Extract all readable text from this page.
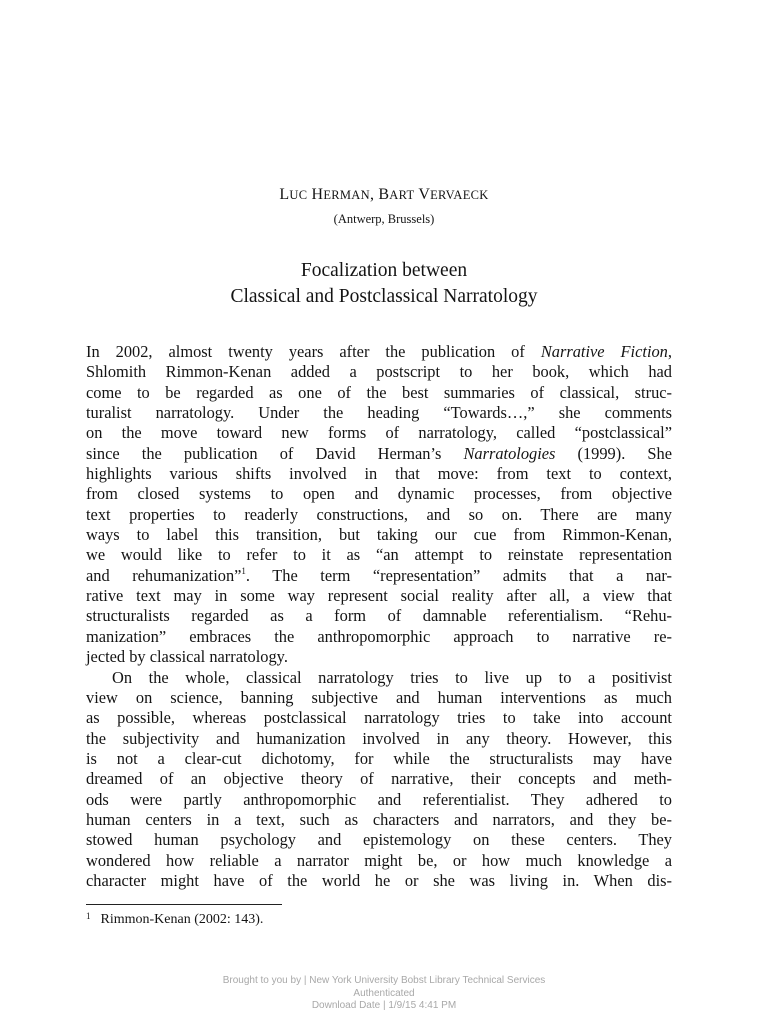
LUC HERMAN, BART VERVAECK
(Antwerp, Brussels)
Focalization between
Classical and Postclassical Narratology
In 2002, almost twenty years after the publication of Narrative Fiction,
Shlomith Rimmon-Kenan added a postscript to her book, which had
come to be regarded as one of the best summaries of classical, struc-
turalist narratology. Under the heading “Towards…,” she comments
on the move toward new forms of narratology, called “postclassical”
since the publication of David Herman’s Narratologies (1999). She
highlights various shifts involved in that move: from text to context,
from closed systems to open and dynamic processes, from objective
text properties to readerly constructions, and so on. There are many
ways to label this transition, but taking our cue from Rimmon-Kenan,
we would like to refer to it as “an attempt to reinstate representation
and rehumanization”$^1$. The term “representation” admits that a nar-
rative text may in some way represent social reality after all, a view that
structuralists regarded as a form of damnable referentialism. “Rehu-
manization” embraces the anthropomorphic approach to narrative re-
jected by classical narratology.
On the whole, classical narratology tries to live up to a positivist
view on science, banning subjective and human interventions as much
as possible, whereas postclassical narratology tries to take into account
the subjectivity and humanization involved in any theory. However, this
is not a clear-cut dichotomy, for while the structuralists may have
dreamed of an objective theory of narrative, their concepts and meth-
ods were partly anthropomorphic and referentialist. They adhered to
human centers in a text, such as characters and narrators, and they be-
stowed human psychology and epistemology on these centers. They
wondered how reliable a narrator might be, or how much knowledge a
character might have of the world he or she was living in. When dis-
$^1$ Rimmon-Kenan (2002: 143).
Brought to you by | New York University Bobst Library Technical Services
Authenticated
Download Date | 1/9/15 4:41 PM
